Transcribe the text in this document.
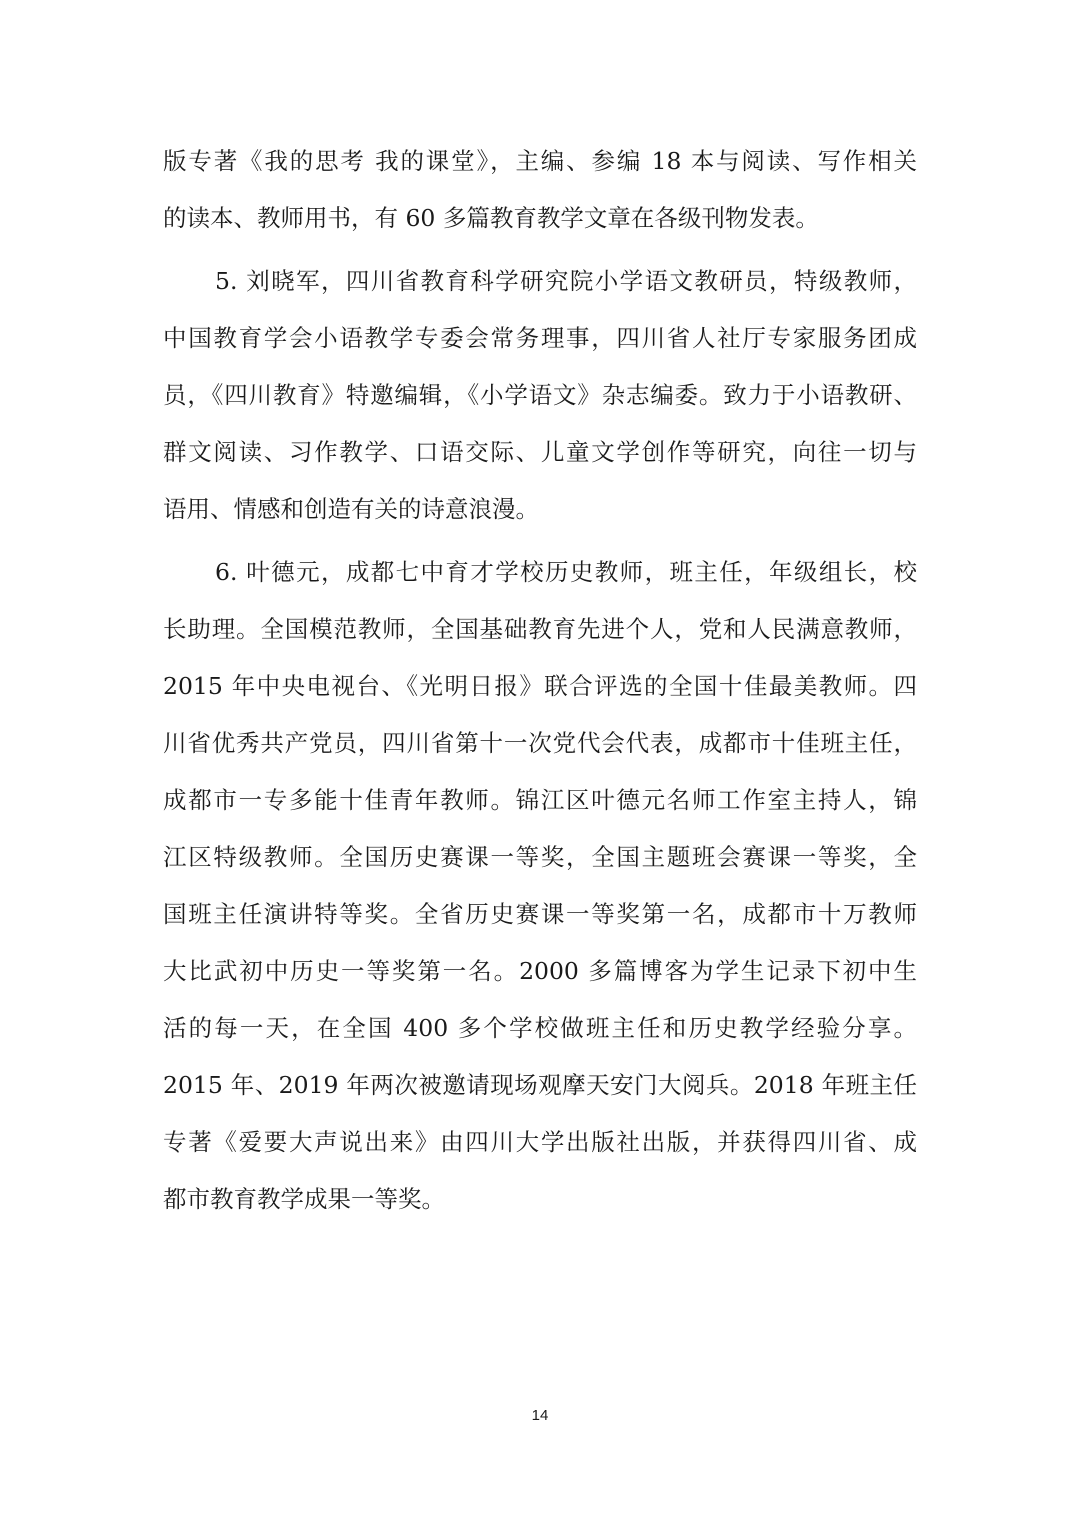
版专著《我的思考 我的课堂》，主编、参编 18 本与阅读、写作相关
的读本、教师用书，有 60 多篇教育教学文章在各级刊物发表。
5. 刘晓军，四川省教育科学研究院小学语文教研员，特级教师，
中国教育学会小语教学专委会常务理事，四川省人社厅专家服务团成
员，《四川教育》特邀编辑，《小学语文》杂志编委。致力于小语教研、
群文阅读、习作教学、口语交际、儿童文学创作等研究，向往一切与
语用、情感和创造有关的诗意浪漫。
6. 叶德元，成都七中育才学校历史教师，班主任，年级组长，校
长助理。全国模范教师，全国基础教育先进个人，党和人民满意教师，
2015 年中央电视台、《光明日报》联合评选的全国十佳最美教师。四
川省优秀共产党员，四川省第十一次党代会代表，成都市十佳班主任，
成都市一专多能十佳青年教师。锦江区叶德元名师工作室主持人，锦
江区特级教师。全国历史赛课一等奖，全国主题班会赛课一等奖，全
国班主任演讲特等奖。全省历史赛课一等奖第一名，成都市十万教师
大比武初中历史一等奖第一名。2000 多篇博客为学生记录下初中生
活的每一天，在全国 400 多个学校做班主任和历史教学经验分享。
2015 年、2019 年两次被邀请现场观摩天安门大阅兵。2018 年班主任
专著《爱要大声说出来》由四川大学出版社出版，并获得四川省、成
都市教育教学成果一等奖。
14
